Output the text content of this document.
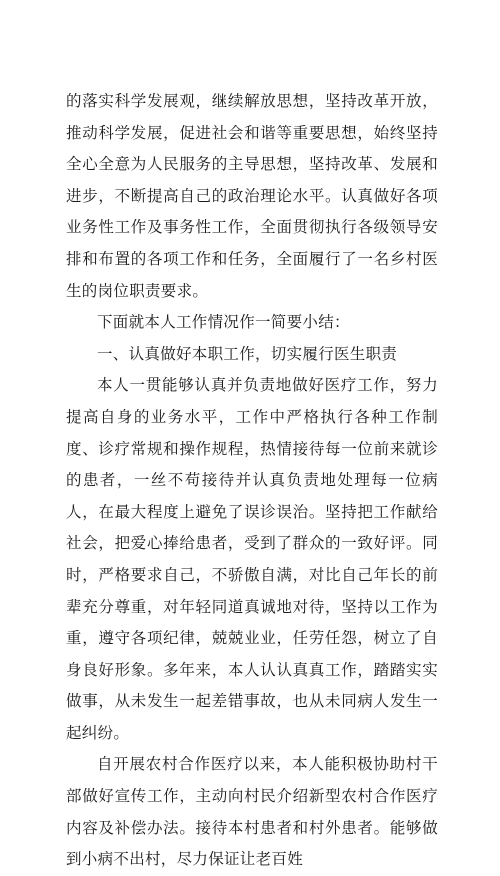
的落实科学发展观，继续解放思想，坚持改革开放，推动科学发展，促进社会和谐等重要思想，始终坚持全心全意为人民服务的主导思想，坚持改革、发展和进步，不断提高自己的政治理论水平。认真做好各项业务性工作及事务性工作，全面贯彻执行各级领导安排和布置的各项工作和任务，全面履行了一名乡村医生的岗位职责要求。

下面就本人工作情况作一简要小结：

一、认真做好本职工作，切实履行医生职责

本人一贯能够认真并负责地做好医疗工作，努力提高自身的业务水平，工作中严格执行各种工作制度、诊疗常规和操作规程，热情接待每一位前来就诊的患者，一丝不苟接待并认真负责地处理每一位病人，在最大程度上避免了误诊误治。坚持把工作献给社会，把爱心捧给患者，受到了群众的一致好评。同时，严格要求自己，不骄傲自满，对比自己年长的前辈充分尊重，对年轻同道真诚地对待，坚持以工作为重，遵守各项纪律，兢兢业业，任劳任怨，树立了自身良好形象。多年来，本人认认真真工作，踏踏实实做事，从未发生一起差错事故，也从未同病人发生一起纠纷。

自开展农村合作医疗以来，本人能积极协助村干部做好宣传工作，主动向村民介绍新型农村合作医疗内容及补偿办法。接待本村患者和村外患者。能够做到小病不出村，尽力保证让老百姓
